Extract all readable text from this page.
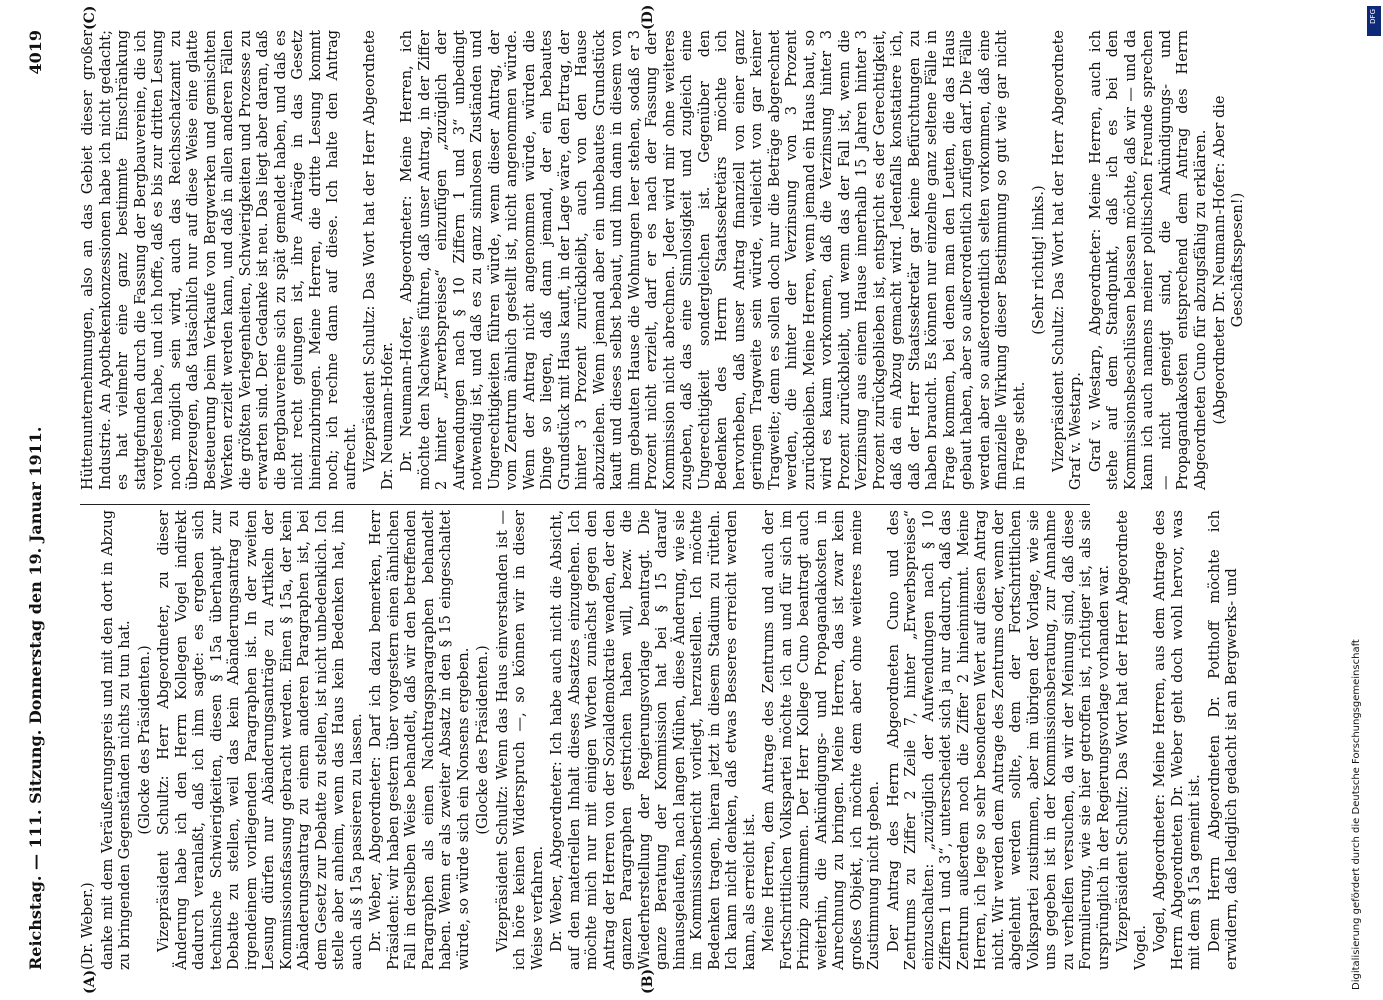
Reichstag. — 111. Sitzung. Donnerstag den 19. Januar 1911.
4019
(A)	(B)
(C)	(D)

(Dr. Weber.) danke mit dem Veräußerungspreis und mit den dort in Abzug zu bringenden Gegenständen nichts zu tun hat. (Glocke des Präsidenten.) Vizepräsident Schultz: Herr Abgeordneter, zu dieser Änderung habe ich den Herrn Kollegen Vogel indirekt dadurch veranlaßt, daß ich ihm sagte: es ergeben sich technische Schwierigkeiten, diesen § 15a überhaupt zur Debatte zu stellen, weil das kein Abänderungsantrag zu irgendeinem vorliegenden Paragraphen ist. In der zweiten Lesung dürfen nur Abänderungsanträge zu Artikeln der Kommissionsfassung gebracht werden. Einen § 15a, der kein Abänderungsantrag zu einem anderen Paragraphen ist, bei dem Gesetz zur Debatte zu stellen, ist nicht unbedenklich. Ich stelle aber anheim, wenn das Haus kein Bedenken hat, ihn auch als § 15a passieren zu lassen. Dr. Weber, Abgeordneter: Darf ich dazu bemerken, Herr Präsident: wir haben gestern über vorgestern einen ähnlichen Fall in derselben Weise behandelt, daß wir den betreffenden Paragraphen als einen Nachtragsparagraphen behandelt haben. Wenn er als zweiter Absatz in den § 15 eingeschaltet würde, so würde sich ein Nonsens ergeben. (Glocke des Präsidenten.) Vizepräsident Schultz: Wenn das Haus einverstanden ist — ich höre keinen Widerspruch —, so können wir in dieser Weise verfahren. Dr. Weber, Abgeordneter: Ich habe auch nicht die Absicht, auf den materiellen Inhalt dieses Absatzes einzugehen. Ich möchte mich nur mit einigen Worten zunächst gegen den Antrag der Herren von der Sozialdemokratie wenden, der den ganzen Paragraphen gestrichen haben will, bezw. die Wiederherstellung der Regierungsvorlage beantragt. Die ganze Beratung der Kommission hat bei § 15 darauf hinausgelaufen, nach langen Mühen, diese Änderung, wie sie im Kommissionsbericht vorliegt, herzustellen. Ich möchte Bedenken tragen, hieran jetzt in diesem Stadium zu rütteln. Ich kann nicht denken, daß etwas Besseres erreicht werden kann, als erreicht ist. Meine Herren, dem Antrage des Zentrums und auch der Fortschrittlichen Volkspartei möchte ich an und für sich im Prinzip zustimmen. Der Herr Kollege Cuno beantragt auch weiterhin, die Ankündigungs- und Propagandakosten in Anrechnung zu bringen. Meine Herren, das ist zwar kein großes Objekt, ich möchte dem aber ohne weiteres meine Zustimmung nicht geben. Der Antrag des Herrn Abgeordneten Cuno und des Zentrums zu Ziffer 2 Zeile 7, hinter „Erwerbspreises“ einzuschalten: „zuzüglich der Aufwendungen nach § 10 Ziffern 1 und 3“, unterscheidet sich ja nur dadurch, daß das Zentrum außerdem noch die Ziffer 2 hineinnimmt. Meine Herren, ich lege so sehr besonderen Wert auf diesen Antrag nicht. Wir werden dem Antrage des Zentrums oder, wenn der abgelehnt werden sollte, dem der Fortschrittlichen Volkspartei zustimmen, aber im übrigen der Vorlage, wie sie uns gegeben ist in der Kommissionsberatung, zur Annahme zu verhelfen versuchen, da wir der Meinung sind, daß diese Formulierung, wie sie hier getroffen ist, richtiger ist, als sie ursprünglich in der Regierungsvorlage vorhanden war. Vizepräsident Schultz: Das Wort hat der Herr Abgeordnete Vogel. Vogel, Abgeordneter: Meine Herren, aus dem Antrage des Herrn Abgeordneten Dr. Weber geht doch wohl hervor, was mit dem § 15a gemeint ist. Dem Herrn Abgeordneten Dr. Potthoff möchte ich erwidern, daß lediglich gedacht ist an Bergwerks- und

Hüttenunternehmungen, also an das Gebiet dieser großer Industrie. An Apothekenkonzessionen habe ich nicht gedacht; es hat vielmehr eine ganz bestimmte Einschränkung stattgefunden durch die Fassung der Bergbauvereine, die ich vorgelesen habe, und ich hoffe, daß es bis zur dritten Lesung noch möglich sein wird, auch das Reichsschatzamt zu überzeugen, daß tatsächlich nur auf diese Weise eine glatte Besteuerung beim Verkaufe von Bergwerken und gemischten Werken erzielt werden kann, und daß in allen anderen Fällen die größten Verlegenheiten, Schwierigkeiten und Prozesse zu erwarten sind. Der Gedanke ist neu. Das liegt aber daran, daß die Bergbauvereine sich zu spät gemeldet haben, und daß es nicht recht gelungen ist, ihre Anträge in das Gesetz hineinzubringen. Meine Herren, die dritte Lesung kommt noch; ich rechne dann auf diese. Ich halte den Antrag aufrecht. Vizepräsident Schultz: Das Wort hat der Herr Abgeordnete Dr. Neumann-Hofer. Dr. Neumann-Hofer, Abgeordneter: Meine Herren, ich möchte den Nachweis führen, daß unser Antrag, in der Ziffer 2 hinter „Erwerbspreises“ einzufügen „zuzüglich der Aufwendungen nach § 10 Ziffern 1 und 3“ unbedingt notwendig ist, und daß es zu ganz sinnlosen Zuständen und Ungerechtigkeiten führen würde, wenn dieser Antrag, der vom Zentrum ähnlich gestellt ist, nicht angenommen würde. Wenn der Antrag nicht angenommen würde, würden die Dinge so liegen, daß dann jemand, der ein bebautes Grundstück mit Haus kauft, in der Lage wäre, den Ertrag, der hinter 3 Prozent zurückbleibt, auch von den Hause abzuziehen. Wenn jemand aber ein unbebautes Grundstück kauft und dieses selbst bebaut, und ihm dann in diesem von ihm gebauten Hause die Wohnungen leer stehen, sodaß er 3 Prozent nicht erzielt, darf er es nach der Fassung der Kommission nicht abrechnen. Jeder wird mir ohne weiteres zugeben, daß das eine Sinnlosigkeit und zugleich eine Ungerechtigkeit sondergleichen ist. Gegenüber den Bedenken des Herrn Staatssekretärs möchte ich hervorheben, daß unser Antrag finanziell von einer ganz geringen Tragweite sein würde, vielleicht von gar keiner Tragweite; denn es sollen doch nur die Beträge abgerechnet werden, die hinter der Verzinsung von 3 Prozent zurückbleiben. Meine Herren, wenn jemand ein Haus baut, so wird es kaum vorkommen, daß die Verzinsung hinter 3 Prozent zurückbleibt, und wenn das der Fall ist, wenn die Verzinsung aus einem Hause innerhalb 15 Jahren hinter 3 Prozent zurückgeblieben ist, entspricht es der Gerechtigkeit, daß da ein Abzug gemacht wird. Jedenfalls konstatiere ich, daß der Herr Staatssekretär gar keine Befürchtungen zu haben braucht. Es können nur einzelne ganz seltene Fälle in Frage kommen, bei denen man den Leuten, die das Haus gebaut haben, aber so außerordentlich zufügen darf. Die Fälle werden aber so außerordentlich selten vorkommen, daß eine finanzielle Wirkung dieser Bestimmung so gut wie gar nicht in Frage steht.

(Sehr richtig! links.) Vizepräsident Schultz: Das Wort hat der Herr Abgeordnete Graf v. Westarp. Graf v. Westarp, Abgeordneter: Meine Herren, auch ich stehe auf dem Standpunkt, daß ich es bei den Kommissionsbeschlüssen belassen möchte, daß wir — und da kann ich auch namens meiner politischen Freunde sprechen — nicht geneigt sind, die Ankündigungs- und Propagandakosten entsprechend dem Antrag des Herrn Abgeordneten Cuno für abzugsfähig zu erklären. (Abgeordneter Dr. Neumann-Hofer: Aber die Geschäftsspesen!)

Digitalisierung gefördert durch die Deutsche Forschungsgemeinschaft
DFG
